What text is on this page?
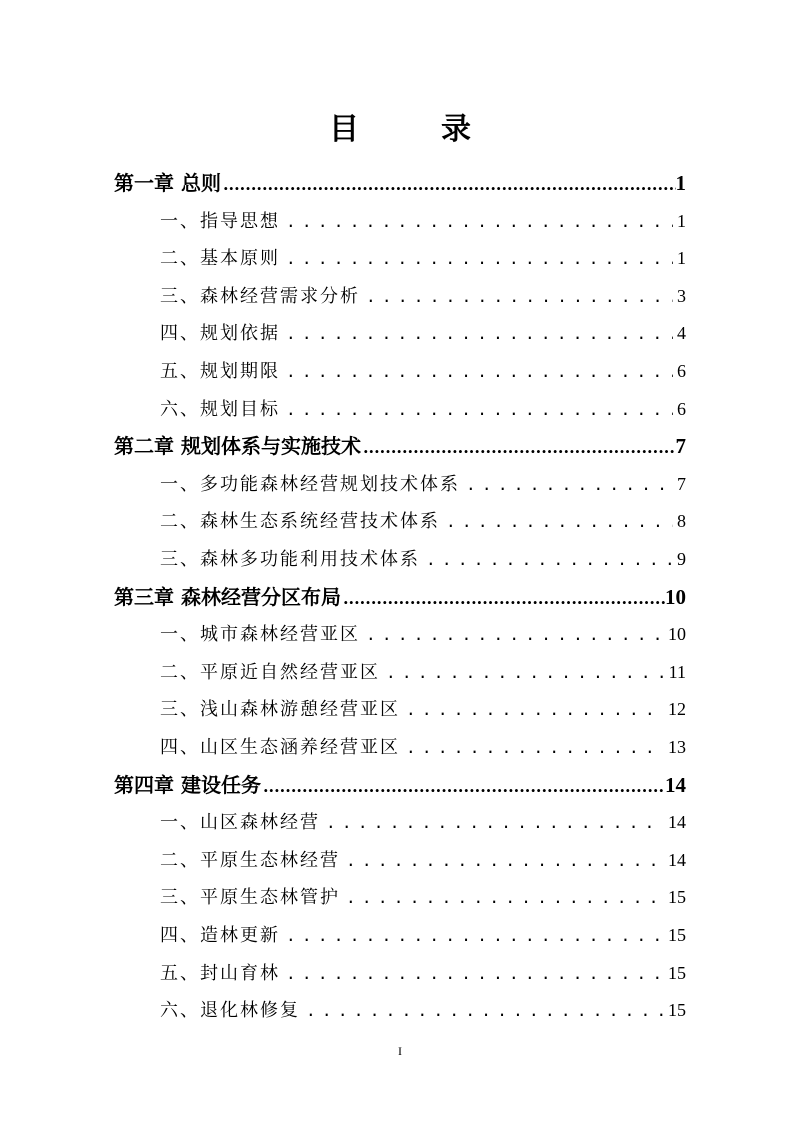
目　录
第一章 总则 .....	1
一、指导思想 .....	1
二、基本原则 .....	1
三、森林经营需求分析 .....	3
四、规划依据 .....	4
五、规划期限 .....	6
六、规划目标 .....	6
第二章 规划体系与实施技术 .....	7
一、多功能森林经营规划技术体系 .....	7
二、森林生态系统经营技术体系 .....	8
三、森林多功能利用技术体系 .....	9
第三章 森林经营分区布局 .....	10
一、城市森林经营亚区 .....	10
二、平原近自然经营亚区 .....	11
三、浅山森林游憩经营亚区 .....	12
四、山区生态涵养经营亚区 .....	13
第四章 建设任务 .....	14
一、山区森林经营 .....	14
二、平原生态林经营 .....	14
三、平原生态林管护 .....	15
四、造林更新 .....	15
五、封山育林 .....	15
六、退化林修复 .....	15
I
